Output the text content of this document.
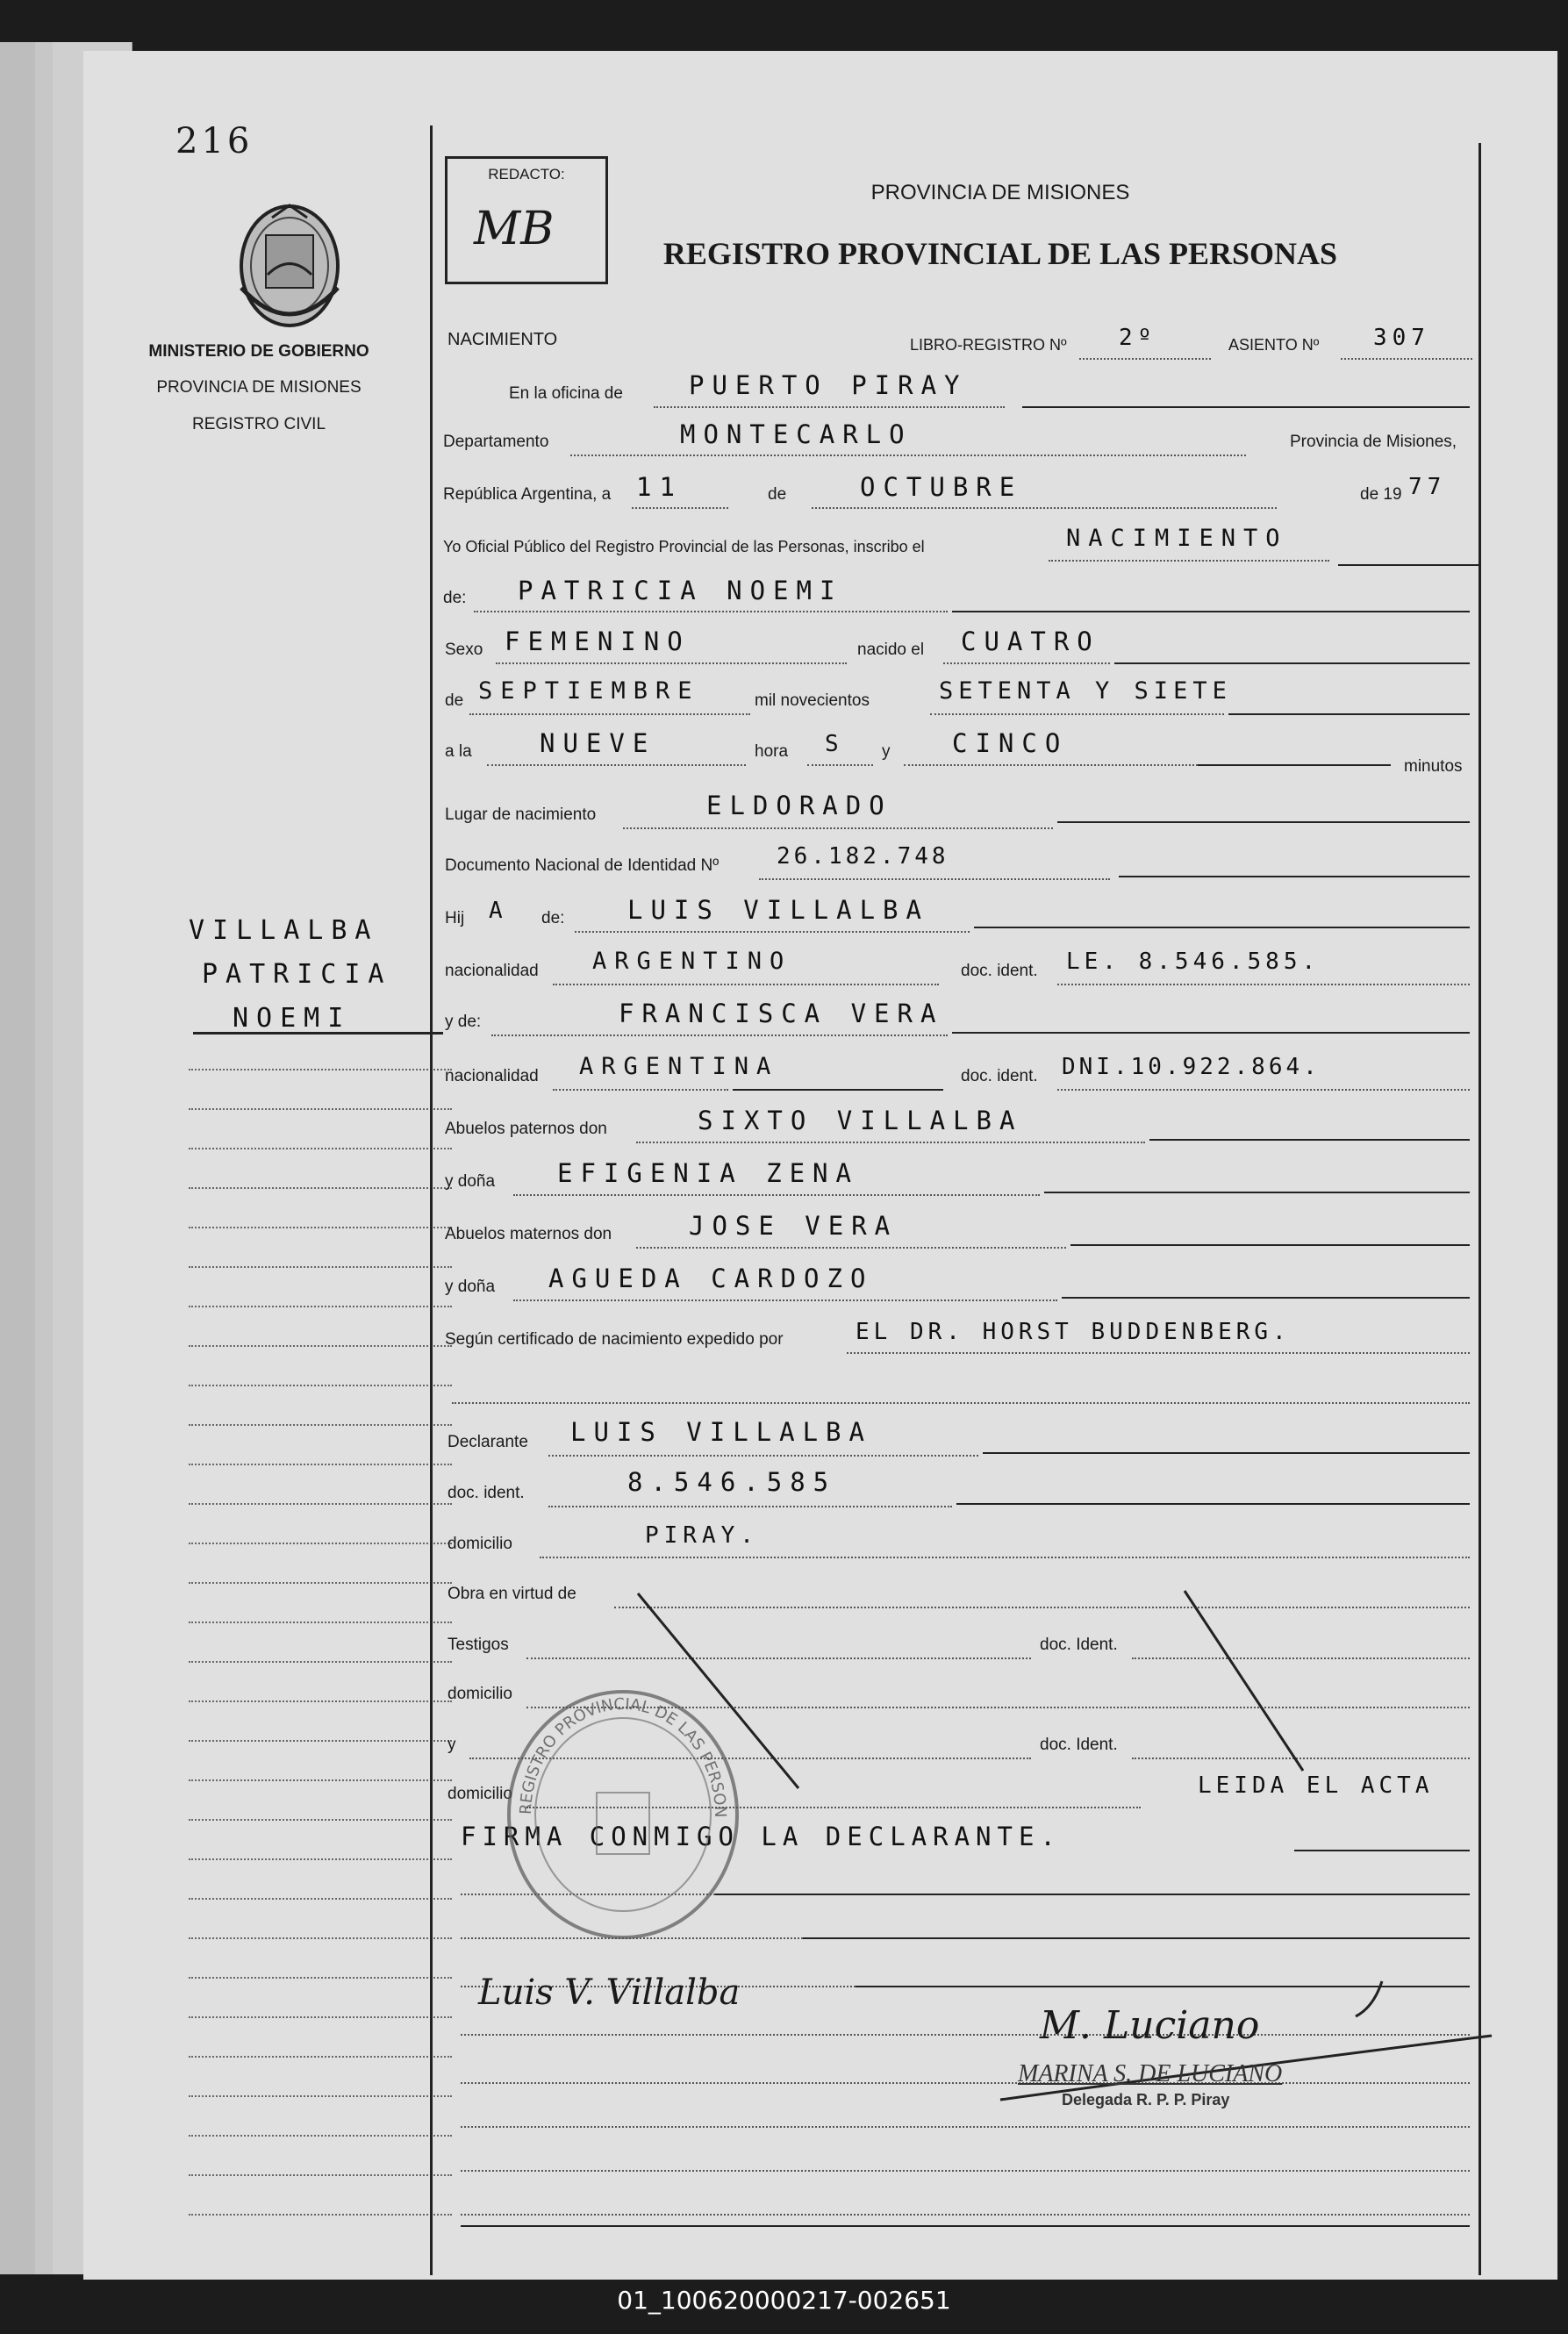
216
MINISTERIO DE GOBIERNO
PROVINCIA DE MISIONES
REGISTRO CIVIL
VILLALBA
PATRICIA
NOEMI
REDACTO:
MB
PROVINCIA DE MISIONES
REGISTRO PROVINCIAL DE LAS PERSONAS
NACIMIENTO	LIBRO-REGISTRO Nº 2º	ASIENTO Nº 307
En la oficina de	PUERTO PIRAY
Departamento	MONTECARLO	Provincia de Misiones,
República Argentina, a 11	de	OCTUBRE	de 19 77
Yo Oficial Público del Registro Provincial de las Personas, inscribo el	NACIMIENTO
de: PATRICIA NOEMI
Sexo FEMENINO	nacido el CUATRO
de SEPTIEMBRE	mil novecientos	SETENTA Y SIETE
a la	NUEVE	hora S y CINCO
minutos
Lugar de nacimiento	ELDORADO
Documento Nacional de Identidad Nº	26.182.748
Hij A de: LUIS VILLALBA
nacionalidad ARGENTINO	doc. ident. LE. 8.546.585.
y de:	FRANCISCA VERA
nacionalidad ARGENTINA	doc. ident. DNI.10.922.864.
Abuelos paternos don	SIXTO VILLALBA
y doña EFIGENIA ZENA
Abuelos maternos don	JOSE VERA
y doña AGUEDA CARDOZO
Según certificado de nacimiento expedido por	EL DR. HORST BUDDENBERG.
Declarante LUIS VILLALBA
doc. ident.	8.546.585
domicilio	PIRAY.
Obra en virtud de
Testigos	doc. Ident.
domicilio
y	doc. Ident.
domicilio	LEIDA EL ACTA
FIRMA CONMIGO LA DECLARANTE.
REGISTRO PROVINCIAL DE LAS PERSON
Luis V. Villalba
M. Luciano
MARINA S. DE LUCIANO
Delegada R. P. P. Piray
01_100620000217-002651
